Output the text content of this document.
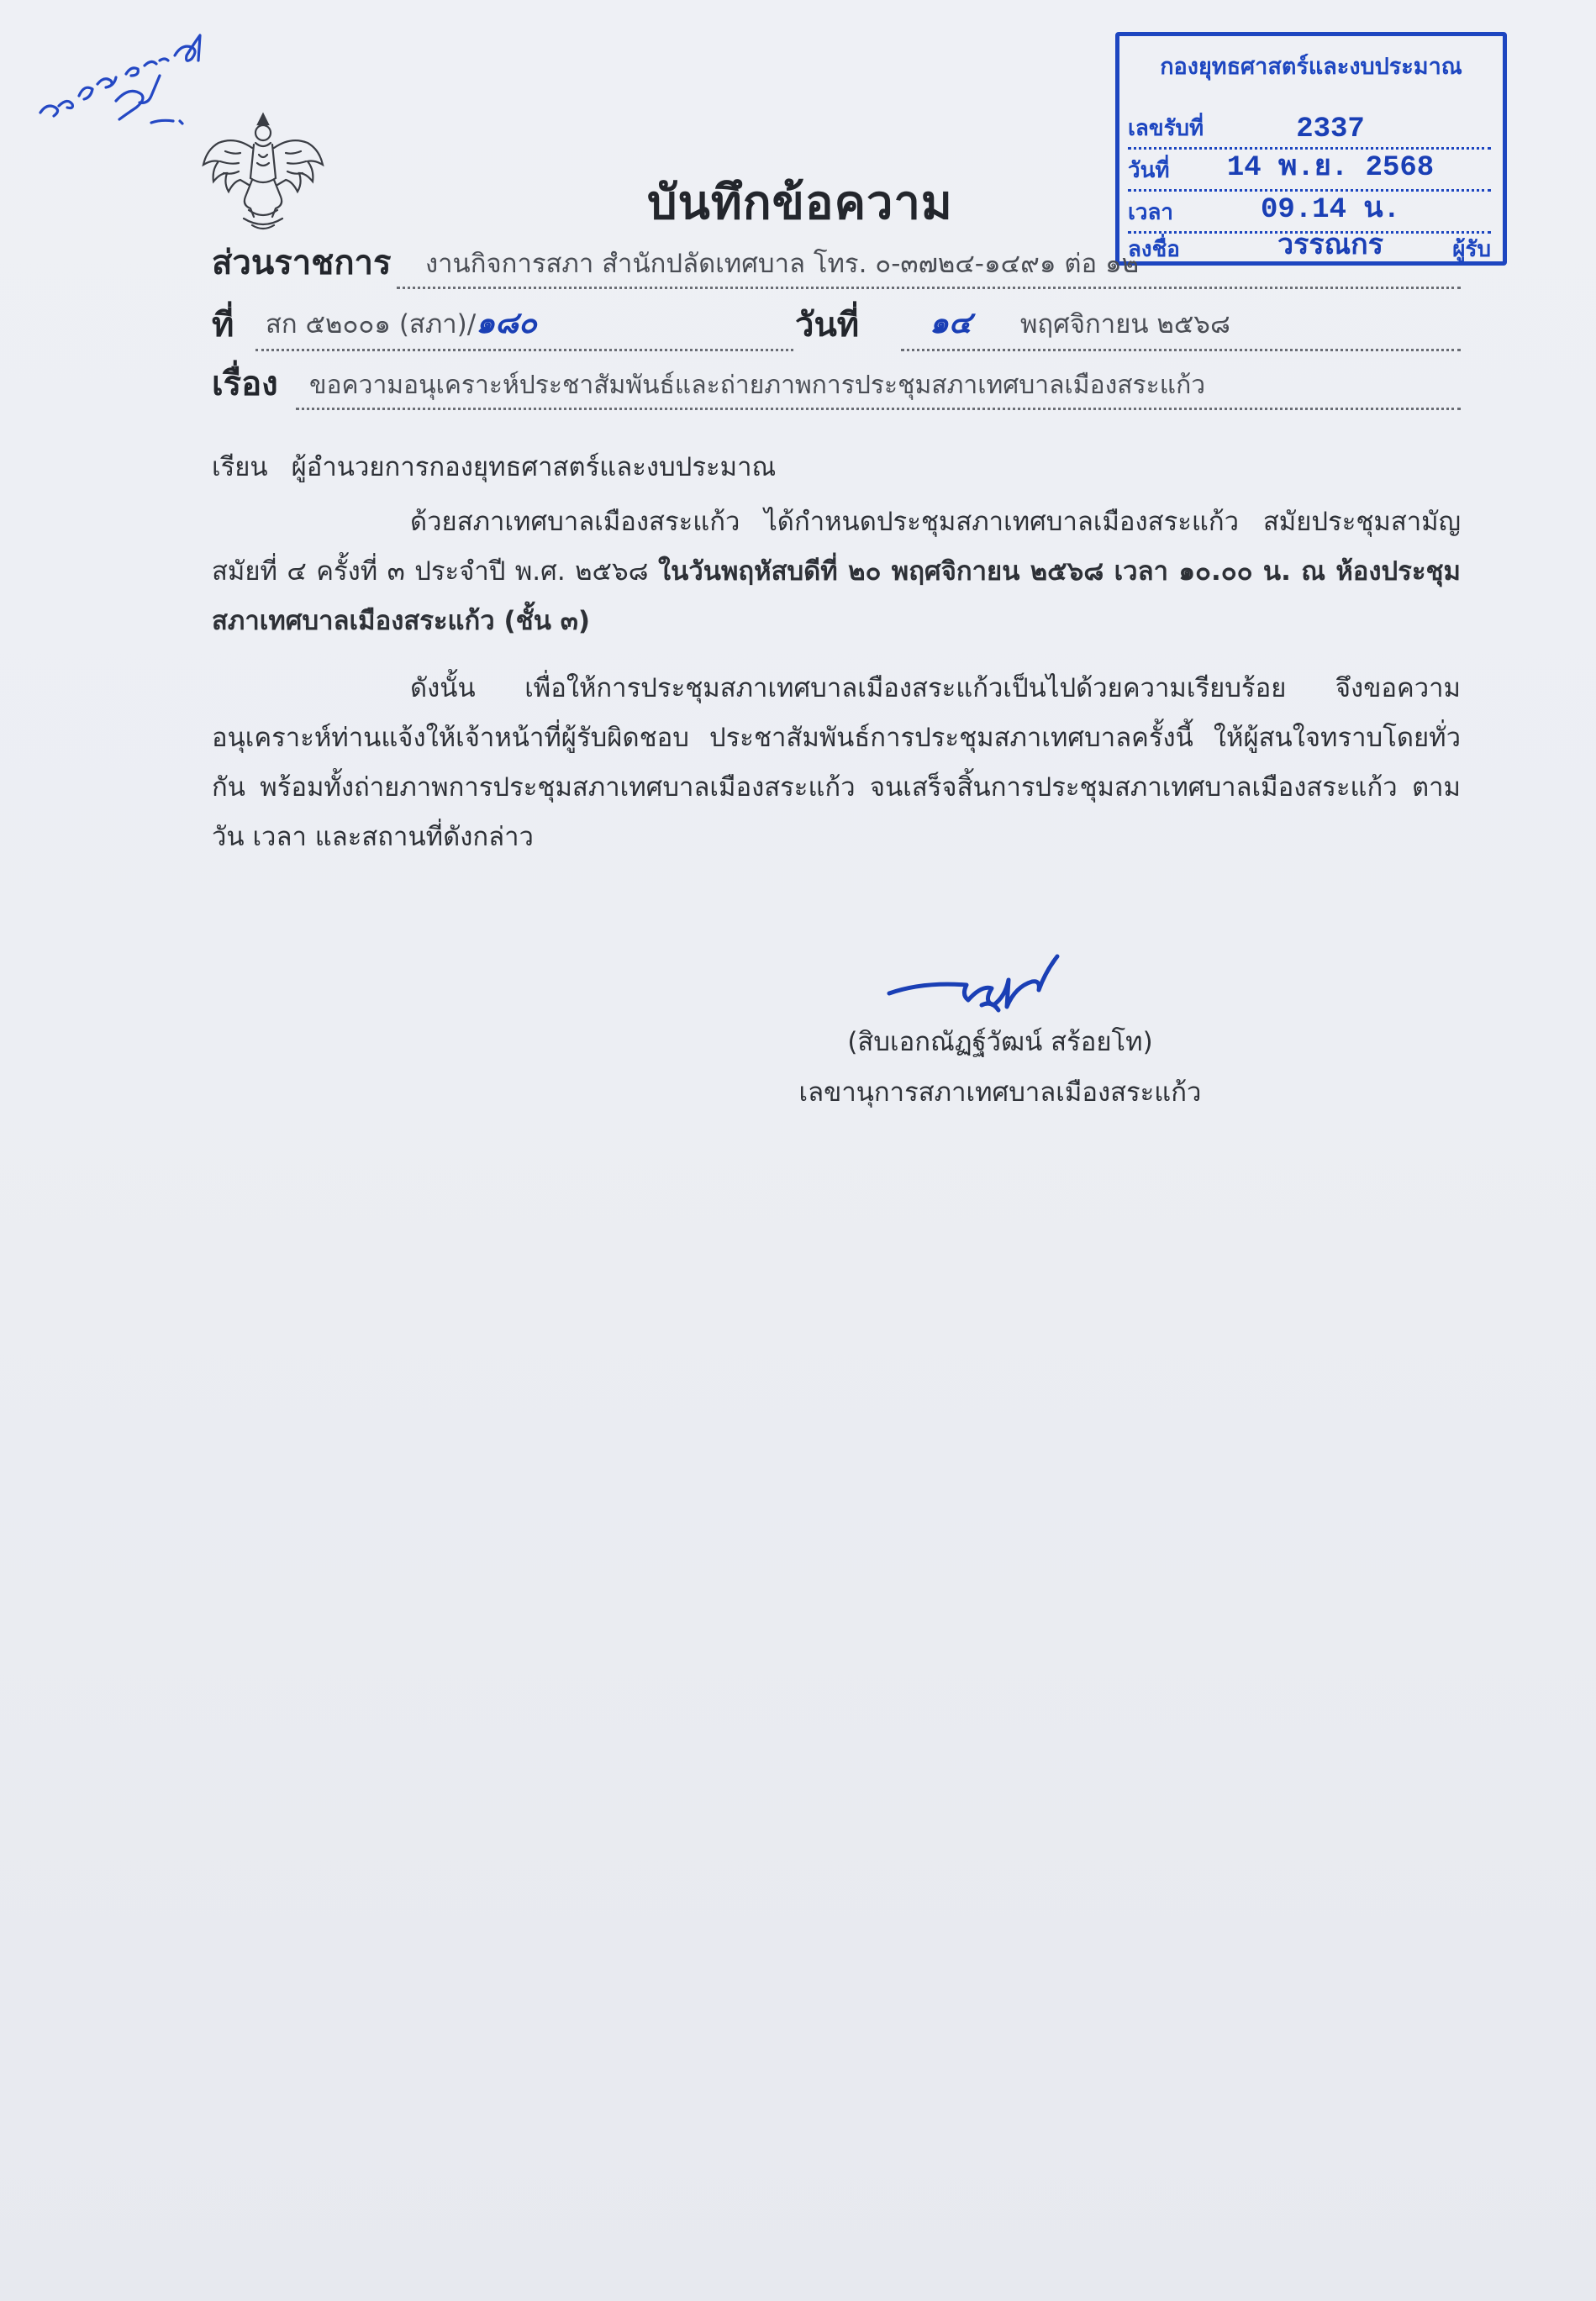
บันทึกข้อความ
กองยุทธศาสตร์และงบประมาณ
เลขรับที่	2337
วันที่ 14 พ.ย. 2568
เวลา	09.14 น.
ลงชื่อ	วรรณกร	ผู้รับ
ส่วนราชการ งานกิจการสภา สำนักปลัดเทศบาล โทร. ๐-๓๗๒๔-๑๔๙๑ ต่อ ๑๒
ที่ สก ๕๒๐๐๑ (สภา)/๑๘๐	วันที่	๑๔ พฤศจิกายน ๒๕๖๘
เรื่อง ขอความอนุเคราะห์ประชาสัมพันธ์และถ่ายภาพการประชุมสภาเทศบาลเมืองสระแก้ว
เรียน ผู้อำนวยการกองยุทธศาสตร์และงบประมาณ

ด้วยสภาเทศบาลเมืองสระแก้ว ได้กำหนดประชุมสภาเทศบาลเมืองสระแก้ว สมัยประชุมสามัญ สมัยที่ ๔ ครั้งที่ ๓ ประจำปี พ.ศ. ๒๕๖๘ ในวันพฤหัสบดีที่ ๒๐ พฤศจิกายน ๒๕๖๘ เวลา ๑๐.๐๐ น. ณ ห้องประชุมสภาเทศบาลเมืองสระแก้ว (ชั้น ๓)

ดังนั้น เพื่อให้การประชุมสภาเทศบาลเมืองสระแก้วเป็นไปด้วยความเรียบร้อย จึงขอความอนุเคราะห์ท่านแจ้งให้เจ้าหน้าที่ผู้รับผิดชอบ ประชาสัมพันธ์การประชุมสภาเทศบาลครั้งนี้ ให้ผู้สนใจทราบโดยทั่วกัน พร้อมทั้งถ่ายภาพการประชุมสภาเทศบาลเมืองสระแก้ว จนเสร็จสิ้นการประชุมสภาเทศบาลเมืองสระแก้ว ตามวัน เวลา และสถานที่ดังกล่าว

(สิบเอกณัฏฐ์วัฒน์ สร้อยโท)
เลขานุการสภาเทศบาลเมืองสระแก้ว
